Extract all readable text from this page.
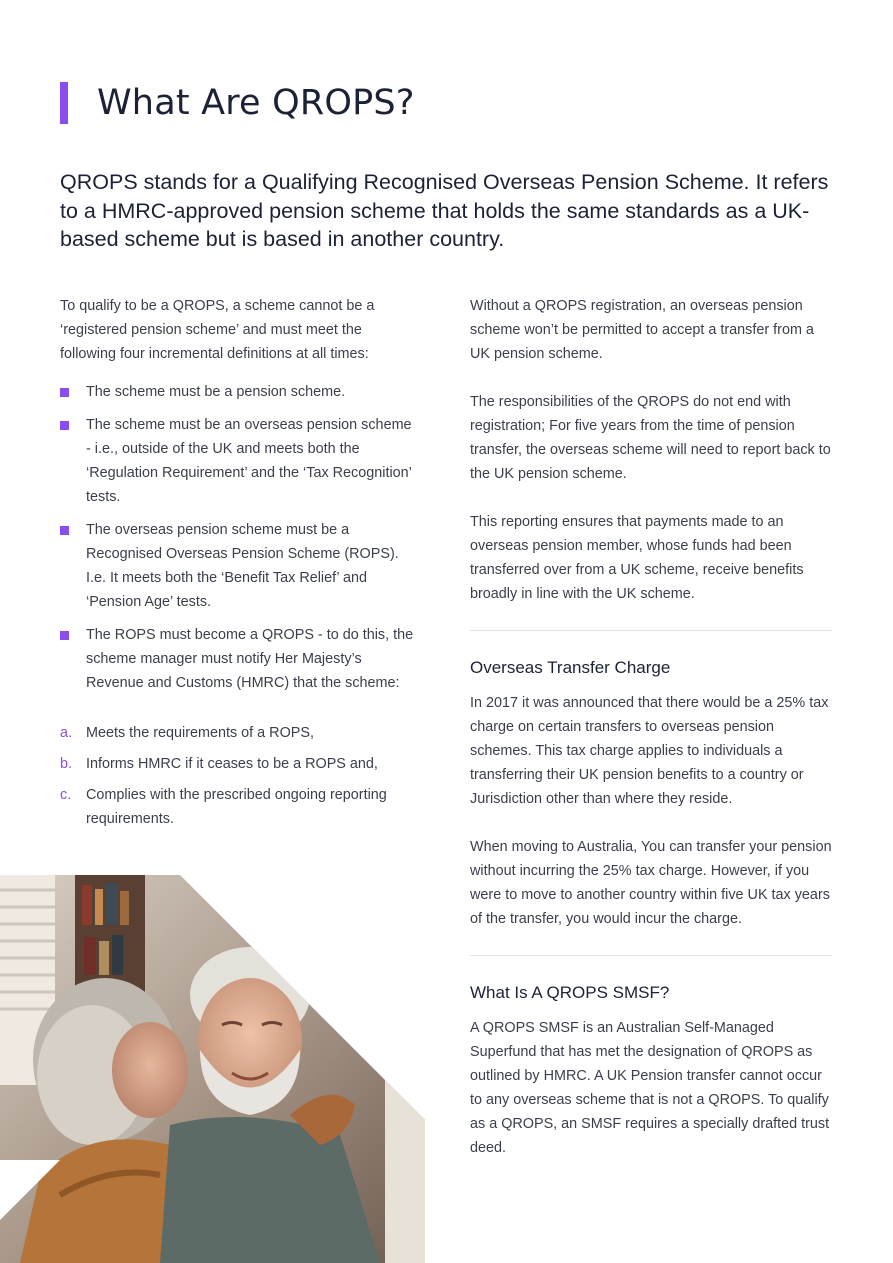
What Are QROPS?

QROPS stands for a Qualifying Recognised Overseas Pension Scheme. It refers to a HMRC-approved pension scheme that holds the same standards as a UK-based scheme but is based in another country.

To qualify to be a QROPS, a scheme cannot be a ‘registered pension scheme’ and must meet the following four incremental definitions at all times:

The scheme must be a pension scheme.
The scheme must be an overseas pension scheme - i.e., outside of the UK and meets both the ‘Regulation Requirement’ and the ‘Tax Recognition’ tests.
The overseas pension scheme must be a Recognised Overseas Pension Scheme (ROPS). I.e. It meets both the ‘Benefit Tax Relief’ and ‘Pension Age’ tests.
The ROPS must become a QROPS - to do this, the scheme manager must notify Her Majesty’s Revenue and Customs (HMRC) that the scheme:
a. Meets the requirements of a ROPS,
b. Informs HMRC if it ceases to be a ROPS and,
c. Complies with the prescribed ongoing reporting requirements.

Without a QROPS registration, an overseas pension scheme won’t be permitted to accept a transfer from a UK pension scheme.

The responsibilities of the QROPS do not end with registration; For five years from the time of pension transfer, the overseas scheme will need to report back to the UK pension scheme.

This reporting ensures that payments made to an overseas pension member, whose funds had been transferred over from a UK scheme, receive benefits broadly in line with the UK scheme.

Overseas Transfer Charge

In 2017 it was announced that there would be a 25% tax charge on certain transfers to overseas pension schemes. This tax charge applies to individuals a transferring their UK pension benefits to a country or Jurisdiction other than where they reside.

When moving to Australia, You can transfer your pension without incurring the 25% tax charge. However, if you were to move to another country within five UK tax years of the transfer, you would incur the charge.

What Is A QROPS SMSF?

A QROPS SMSF is an Australian Self-Managed Superfund that has met the designation of QROPS as outlined by HMRC. A UK Pension transfer cannot occur to any overseas scheme that is not a QROPS. To qualify as a QROPS, an SMSF requires a specially drafted trust deed.
